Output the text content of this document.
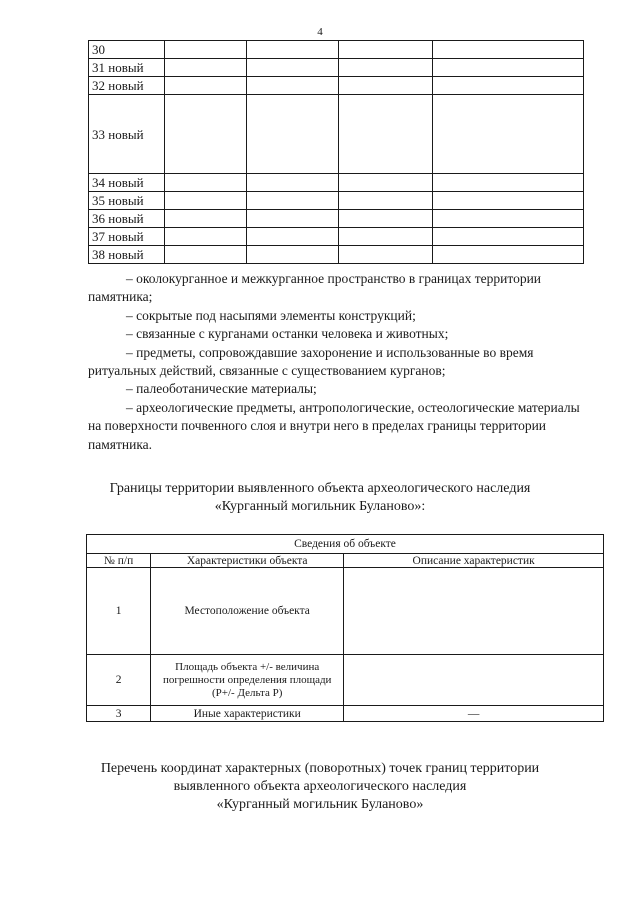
4
30				
31 новый				
32 новый				
33 новый				
34 новый				
35 новый				
36 новый				
37 новый				
38 новый				

– околокурганное и межкурганное пространство в границах территории памятника;

– сокрытые под насыпями элементы конструкций;

– связанные с курганами останки человека и животных;

– предметы, сопровождавшие захоронение и использованные во время ритуальных действий, связанные с существованием курганов;

– палеоботанические материалы;

– археологические предметы, антропологические, остеологические материалы на поверхности почвенного слоя и внутри него в пределах границы территории памятника.

Границы территории выявленного объекта археологического наследия

«Курганный могильник Буланово»:

Сведения об объекте		
№ п/п	Характеристики объекта	Описание характеристик
1	Местоположение объекта	
2	Площадь объекта +/- величина погрешности определения площади (P+/- Дельта P)	
3	Иные характеристики	—

Перечень координат характерных (поворотных) точек границ территории

выявленного объекта археологического наследия

«Курганный могильник Буланово»
